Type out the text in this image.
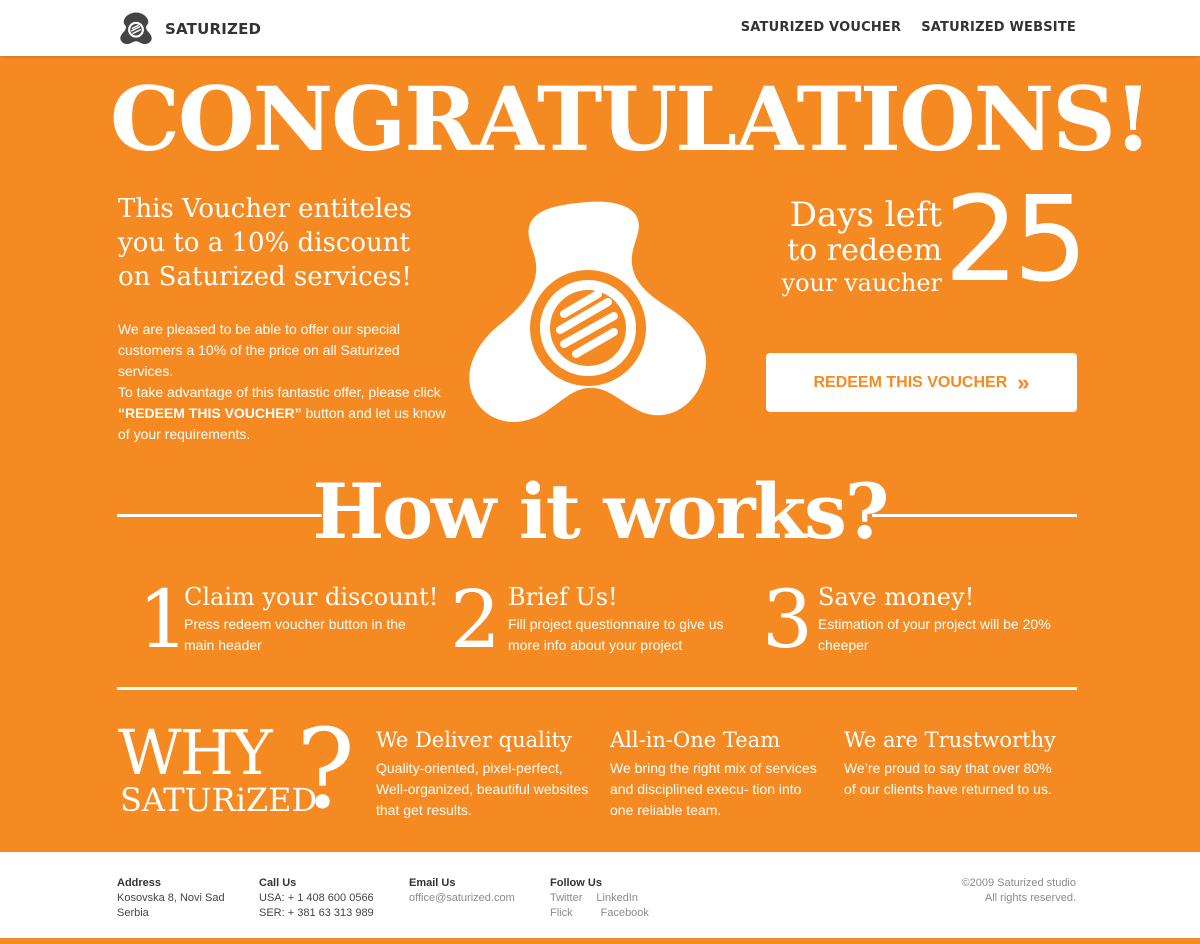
SATURIZED	SATURIZED VOUCHER SATURIZED WEBSITE
CONGRATULATIONS!
This Voucher entiteles you to a 10% discount on Saturized services!
We are pleased to be able to offer our special customers a 10% of the price on all Saturized services.
To take advantage of this fantastic offer, please click “REDEEM THIS VOUCHER” button and let us know of your requirements.
Days left
to redeem
your vaucher 25
REDEEM THIS VOUCHER »
How it works?
1
Claim your discount!
Press redeem voucher button in the main header	2 Brief Us!
Fill project questionnaire to give us more info about your project 3 Save money!
Estimation of your project will be 20% cheeper
WHY
SATURiZED
? We Deliver quality
Quality-oriented, pixel-perfect, Well-organized, beautiful websites that get results.
All-in-One Team
We bring the right mix of services and disciplined execu- tion into one reliable team.
We are Trustworthy
We’re proud to say that over 80% of our clients have returned to us.
Address
Kosovska 8, Novi Sad
Serbia
Call Us
USA: + 1 408 600 0566
SER: + 381 63 313 989
Email Us
office@saturized.com
Follow Us
Twitter LinkedIn
Flick	Facebook
©2009 Saturized studio
All rights reserved.
